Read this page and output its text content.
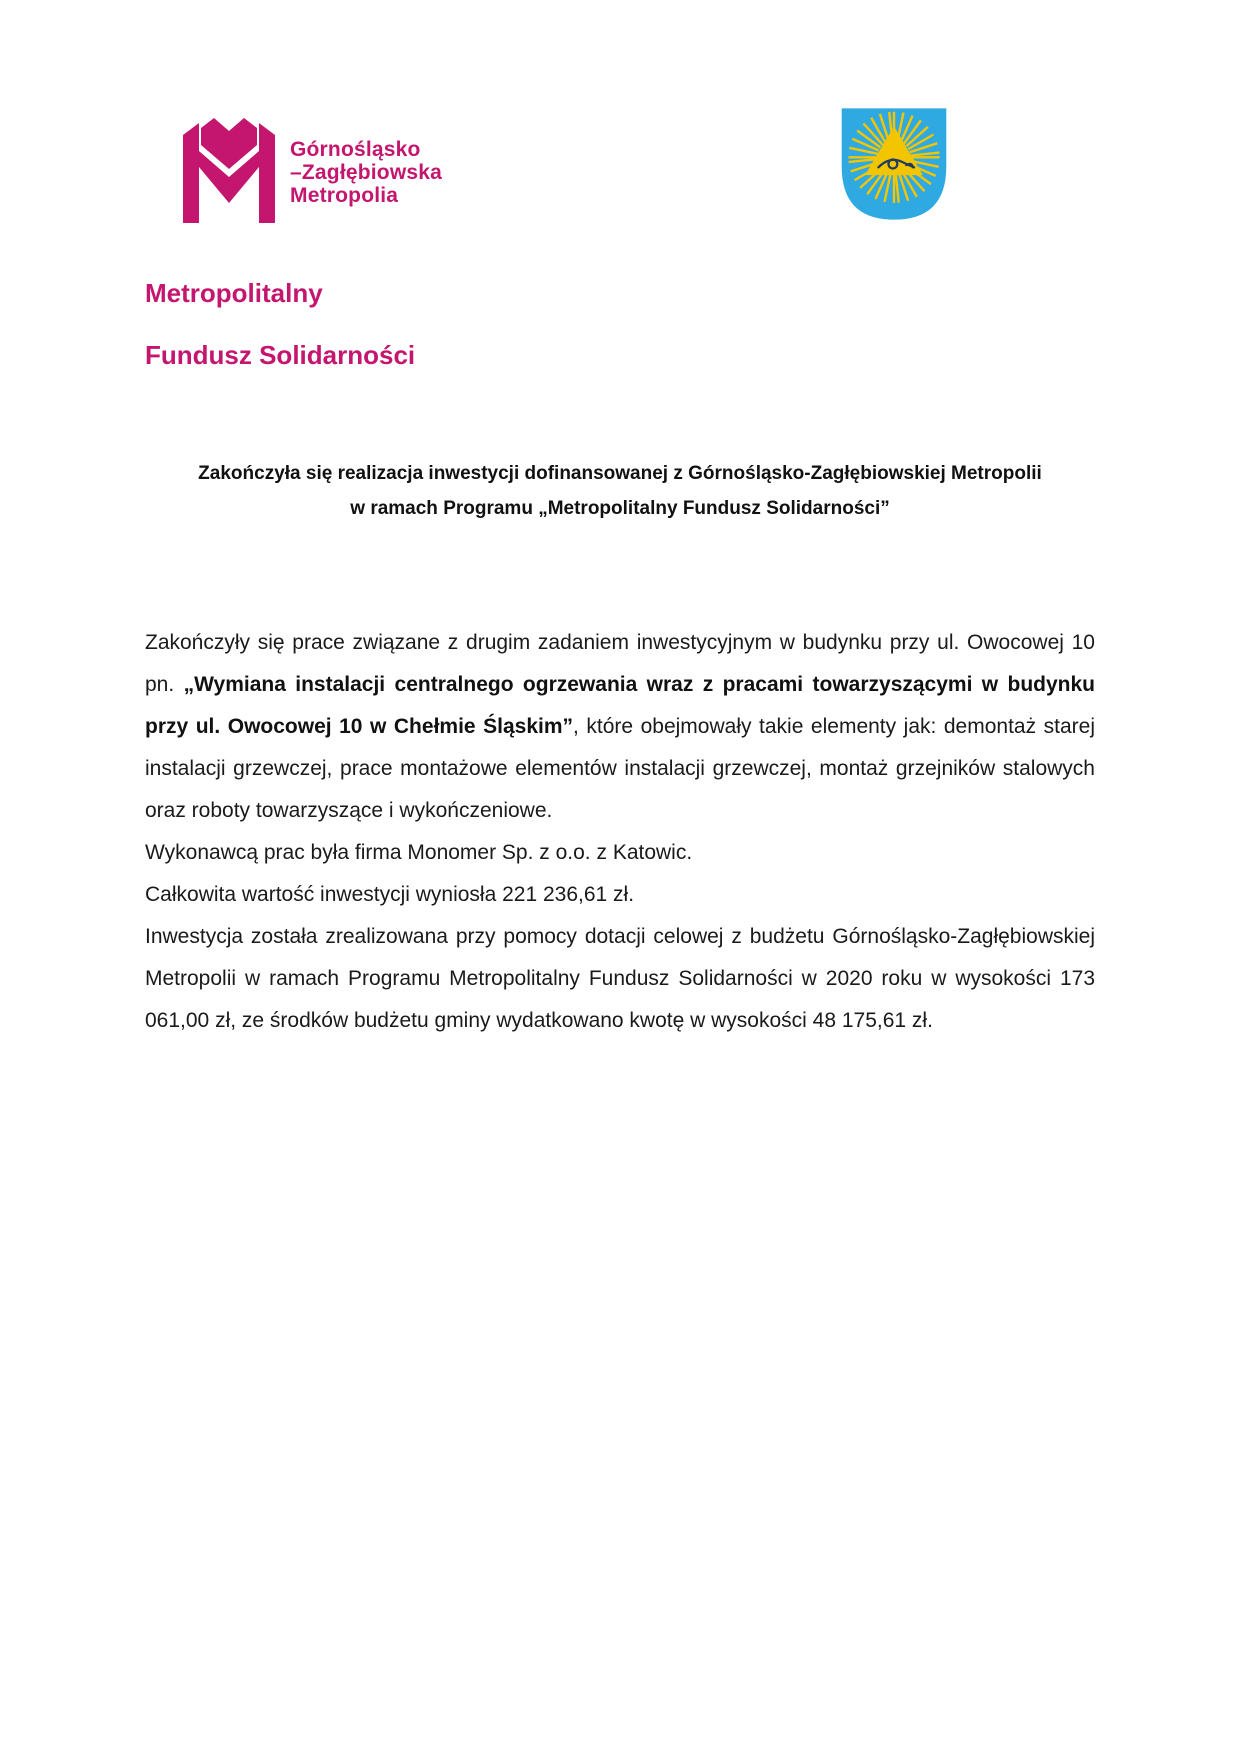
Górnośląsko
–Zagłębiowska
Metropolia
Metropolitalny
Fundusz Solidarności
Zakończyła się realizacja inwestycji dofinansowanej z Górnośląsko-Zagłębiowskiej Metropolii
w ramach Programu „Metropolitalny Fundusz Solidarności”

Zakończyły się prace związane z drugim zadaniem inwestycyjnym w budynku przy ul. Owocowej 10 pn. „Wymiana instalacji centralnego ogrzewania wraz z pracami towarzyszącymi w budynku przy ul. Owocowej 10 w Chełmie Śląskim”, które obejmowały takie elementy jak: demontaż starej instalacji grzewczej, prace montażowe elementów instalacji grzewczej, montaż grzejników stalowych oraz roboty towarzyszące i wykończeniowe.

Wykonawcą prac była firma Monomer Sp. z o.o. z Katowic.

Całkowita wartość inwestycji wyniosła 221 236,61 zł.

Inwestycja została zrealizowana przy pomocy dotacji celowej z budżetu Górnośląsko-Zagłębiowskiej Metropolii w ramach Programu Metropolitalny Fundusz Solidarności w 2020 roku w wysokości 173 061,00 zł, ze środków budżetu gminy wydatkowano kwotę w wysokości 48 175,61 zł.
